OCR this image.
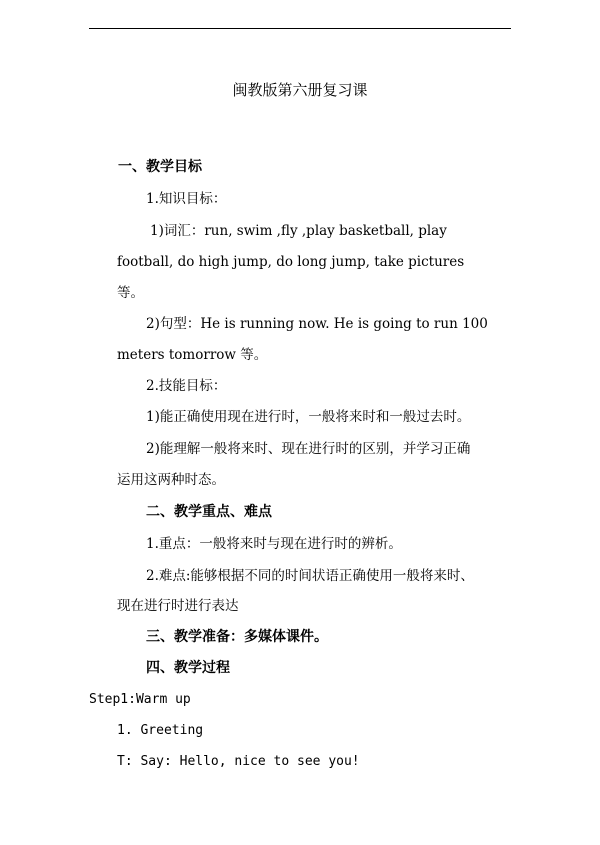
闽教版第六册复习课
一、教学目标
1.知识目标：
1)词汇：run, swim ,fly ,play basketball, play
football, do high jump, do long jump, take pictures
等。
2)句型：He is running now. He is going to run 100
meters tomorrow 等。
2.技能目标：
1)能正确使用现在进行时，一般将来时和一般过去时。
2)能理解一般将来时、现在进行时的区别，并学习正确
运用这两种时态。
二、教学重点、难点
1.重点：一般将来时与现在进行时的辨析。
2.难点:能够根据不同的时间状语正确使用一般将来时、
现在进行时进行表达
三、教学准备：多媒体课件。
四、教学过程
Step1:Warm up
1. Greeting
T: Say: Hello, nice to see you!
